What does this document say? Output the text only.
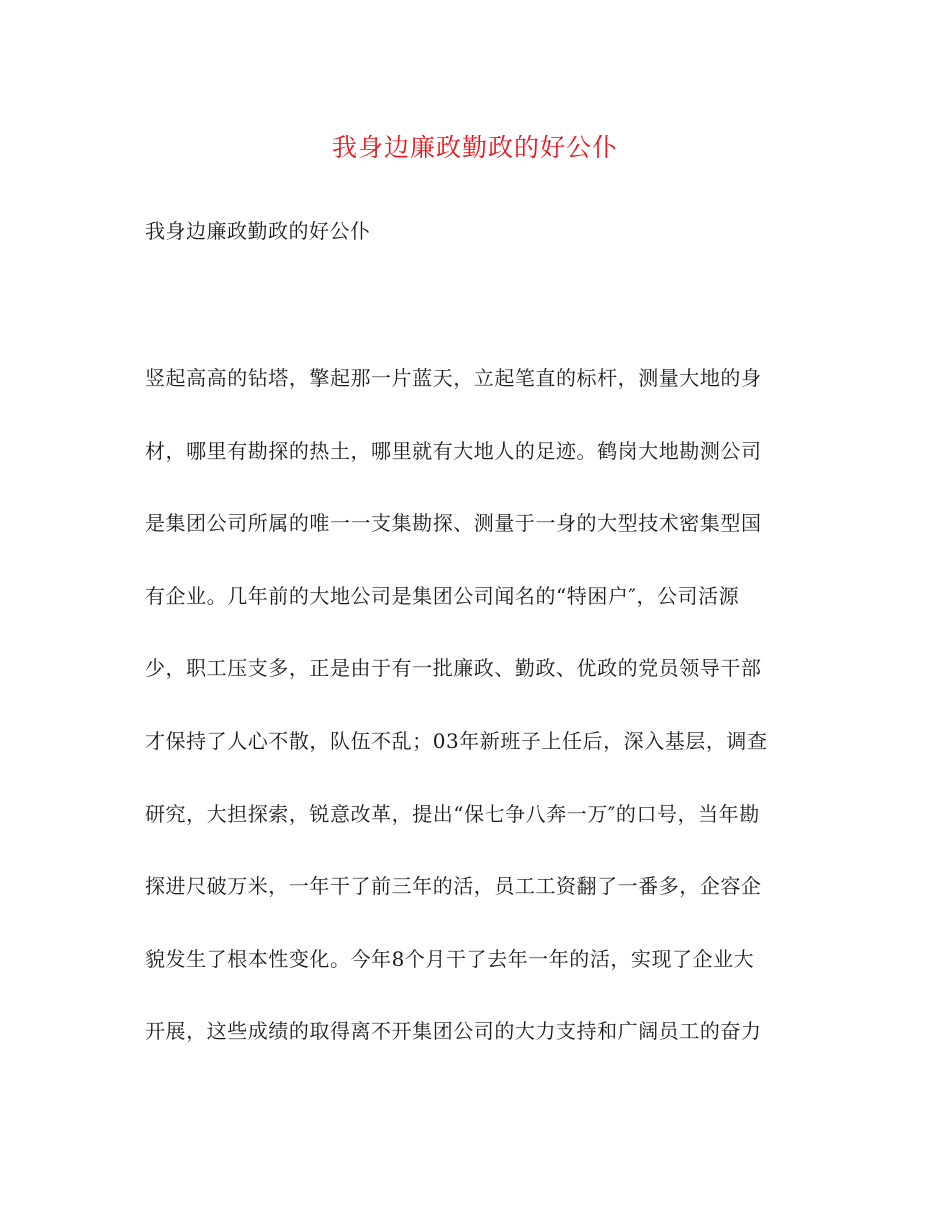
我身边廉政勤政的好公仆

我身边廉政勤政的好公仆

竖起高高的钻塔，擎起那一片蓝天，立起笔直的标杆，测量大地的身
材，哪里有勘探的热土，哪里就有大地人的足迹。鹤岗大地勘测公司
是集团公司所属的唯一一支集勘探、测量于一身的大型技术密集型国
有企业。几年前的大地公司是集团公司闻名的“特困户″，公司活源
少，职工压支多，正是由于有一批廉政、勤政、优政的党员领导干部
才保持了人心不散，队伍不乱；03年新班子上任后，深入基层，调查
研究，大担探索，锐意改革，提出“保七争八奔一万″的口号，当年勘
探进尺破万米，一年干了前三年的活，员工工资翻了一番多，企容企
貌发生了根本性变化。今年8个月干了去年一年的活，实现了企业大
开展，这些成绩的取得离不开集团公司的大力支持和广阔员工的奋力
